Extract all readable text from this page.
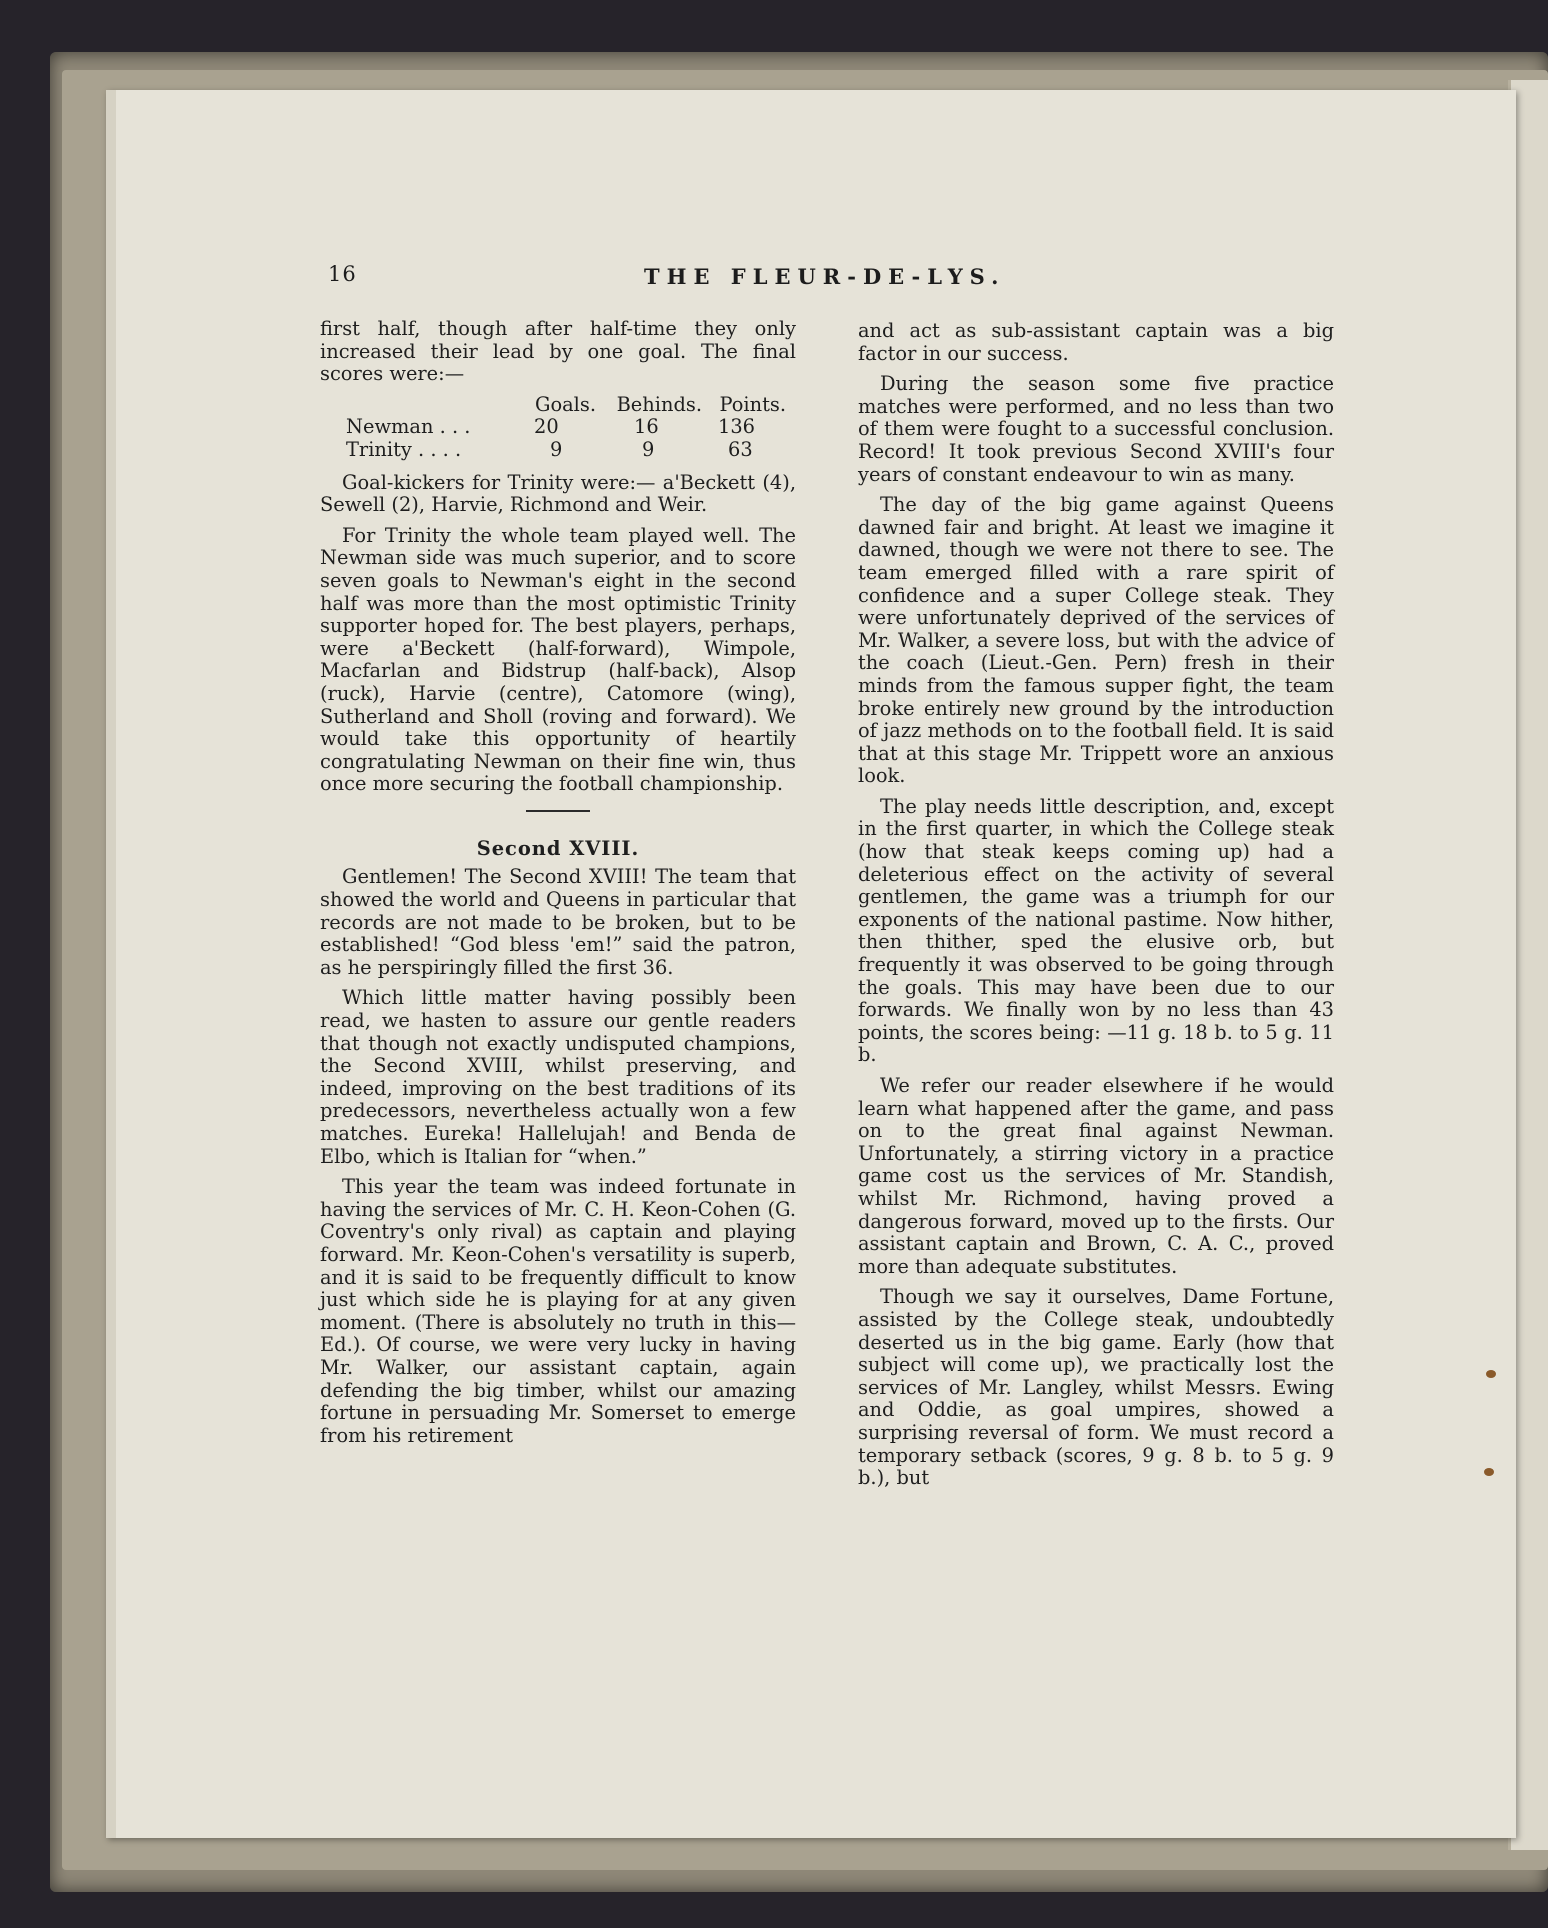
16	THE FLEUR-DE-LYS.

first half, though after half-time they only increased their lead by one goal. The final scores were:—

	Goals.	Behinds.	Points.
Newman . . .	20	16	136
Trinity . . . .	9	9	63

Goal-kickers for Trinity were:— a'Beckett (4), Sewell (2), Harvie, Richmond and Weir.

For Trinity the whole team played well. The Newman side was much superior, and to score seven goals to Newman's eight in the second half was more than the most optimistic Trinity supporter hoped for. The best players, perhaps, were a'Beckett (half-forward), Wimpole, Macfarlan and Bidstrup (half-back), Alsop (ruck), Harvie (centre), Catomore (wing), Sutherland and Sholl (roving and forward). We would take this opportunity of heartily congratulating Newman on their fine win, thus once more securing the football championship.

Second XVIII.

Gentlemen! The Second XVIII! The team that showed the world and Queens in particular that records are not made to be broken, but to be established! “God bless 'em!” said the patron, as he perspiringly filled the first 36.

Which little matter having possibly been read, we hasten to assure our gentle readers that though not exactly undisputed champions, the Second XVIII, whilst preserving, and indeed, improving on the best traditions of its predecessors, nevertheless actually won a few matches. Eureka! Hallelujah! and Benda de Elbo, which is Italian for “when.”

This year the team was indeed fortunate in having the services of Mr. C. H. Keon-Cohen (G. Coventry's only rival) as captain and playing forward. Mr. Keon-Cohen's versatility is superb, and it is said to be frequently difficult to know just which side he is playing for at any given moment. (There is absolutely no truth in this—Ed.). Of course, we were very lucky in having Mr. Walker, our assistant captain, again defending the big timber, whilst our amazing fortune in persuading Mr. Somerset to emerge from his retirement

and act as sub-assistant captain was a big factor in our success.

During the season some five practice matches were performed, and no less than two of them were fought to a successful conclusion. Record! It took previous Second XVIII's four years of constant endeavour to win as many.

The day of the big game against Queens dawned fair and bright. At least we imagine it dawned, though we were not there to see. The team emerged filled with a rare spirit of confidence and a super College steak. They were unfortunately deprived of the services of Mr. Walker, a severe loss, but with the advice of the coach (Lieut.-Gen. Pern) fresh in their minds from the famous supper fight, the team broke entirely new ground by the introduction of jazz methods on to the football field. It is said that at this stage Mr. Trippett wore an anxious look.

The play needs little description, and, except in the first quarter, in which the College steak (how that steak keeps coming up) had a deleterious effect on the activity of several gentlemen, the game was a triumph for our exponents of the national pastime. Now hither, then thither, sped the elusive orb, but frequently it was observed to be going through the goals. This may have been due to our forwards. We finally won by no less than 43 points, the scores being: —11 g. 18 b. to 5 g. 11 b.

We refer our reader elsewhere if he would learn what happened after the game, and pass on to the great final against Newman. Unfortunately, a stirring victory in a practice game cost us the services of Mr. Standish, whilst Mr. Richmond, having proved a dangerous forward, moved up to the firsts. Our assistant captain and Brown, C. A. C., proved more than adequate substitutes.

Though we say it ourselves, Dame Fortune, assisted by the College steak, undoubtedly deserted us in the big game. Early (how that subject will come up), we practically lost the services of Mr. Langley, whilst Messrs. Ewing and Oddie, as goal umpires, showed a surprising reversal of form. We must record a temporary setback (scores, 9 g. 8 b. to 5 g. 9 b.), but
